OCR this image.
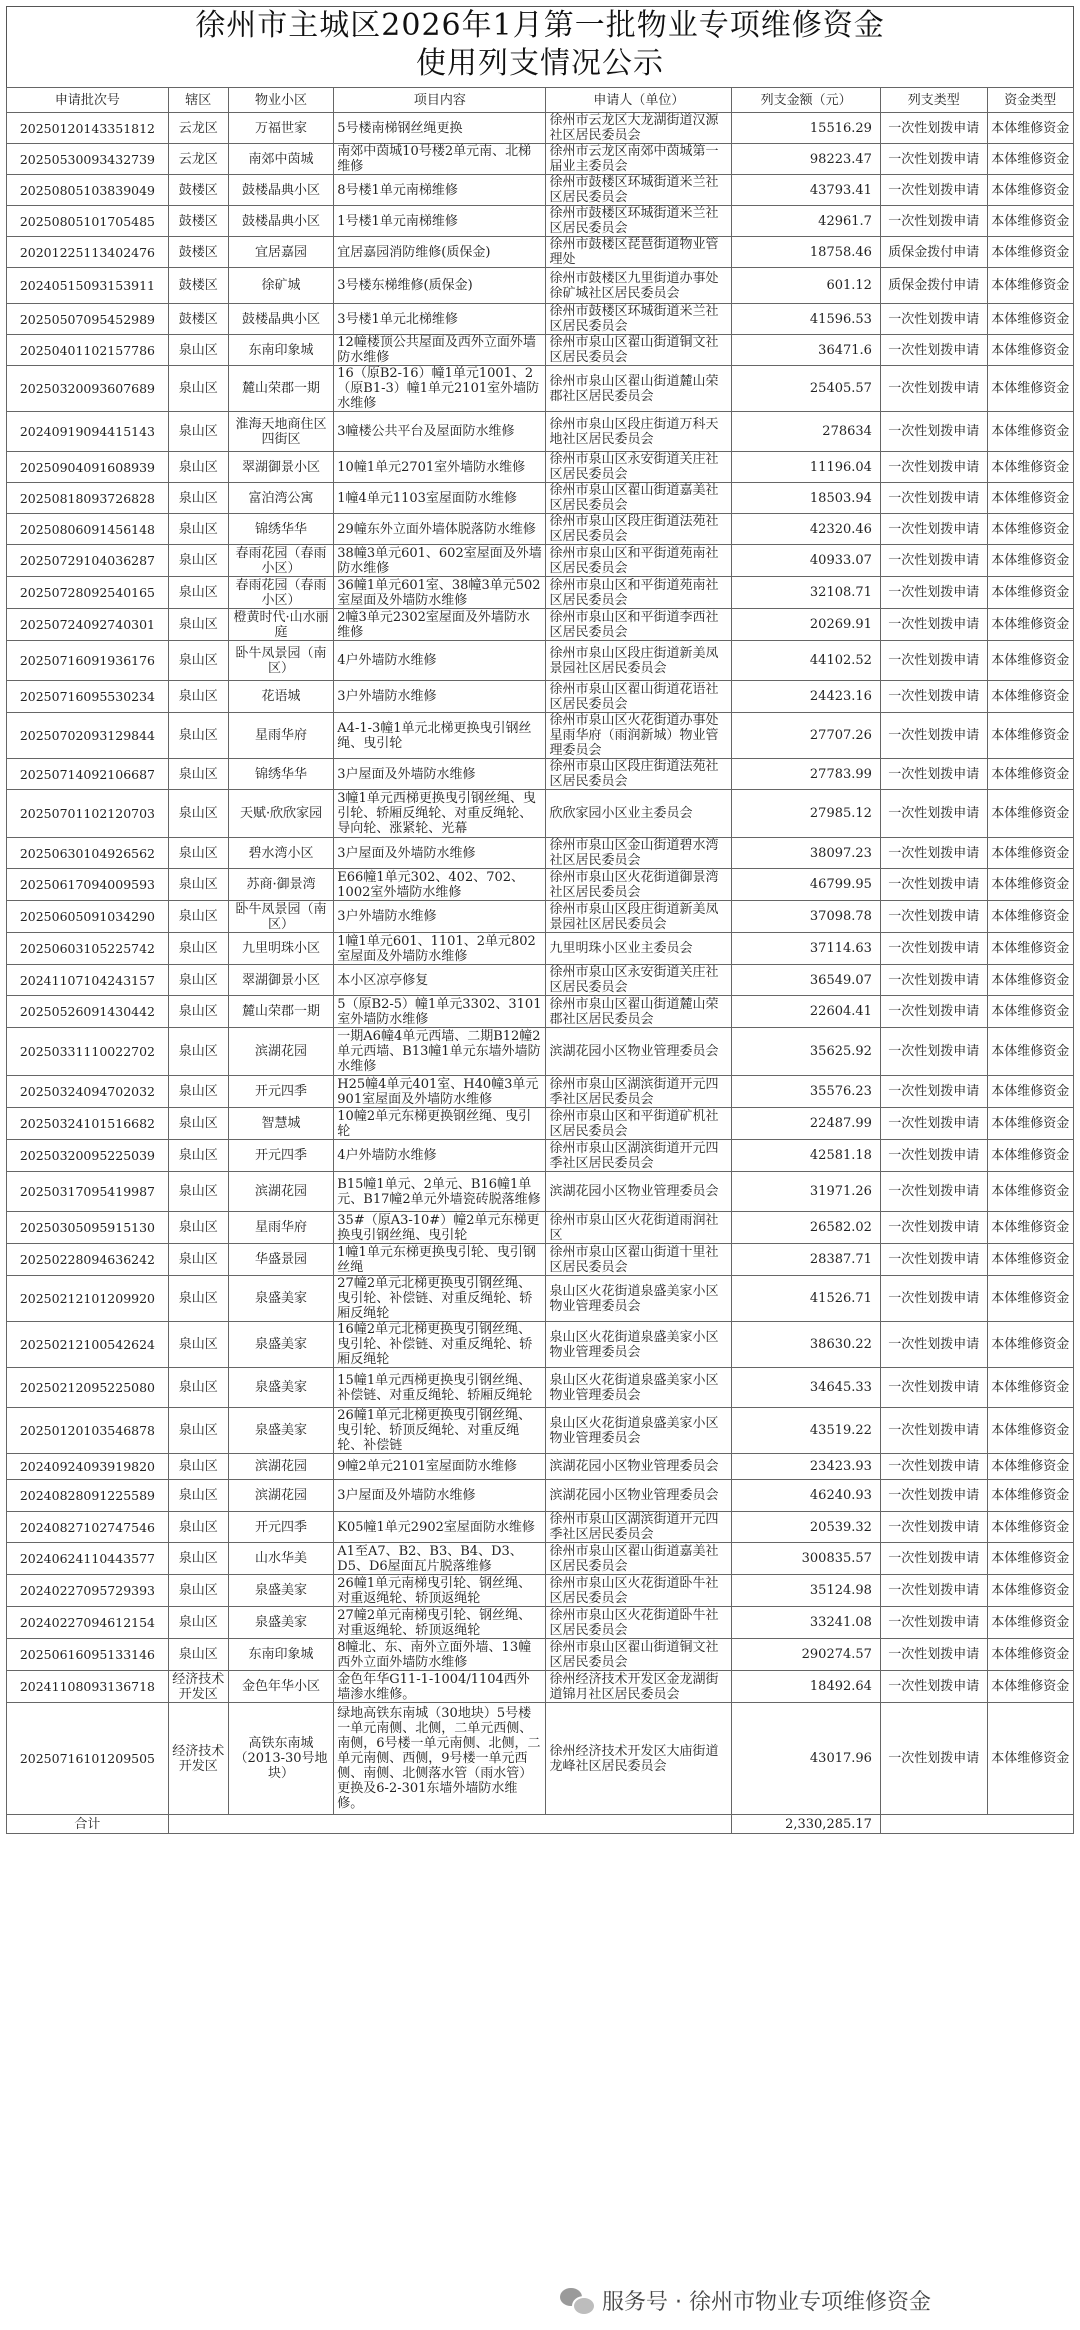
徐州市主城区2026年1月第一批物业专项维修资金
使用列支情况公示
申请批次号	辖区	物业小区	项目内容	申请人（单位）	列支金额（元）	列支类型	资金类型
20250120143351812	云龙区	万福世家	5号楼南梯钢丝绳更换	徐州市云龙区大龙湖街道汉源社区居民委员会	15516.29	一次性划拨申请	本体维修资金
20250530093432739	云龙区	南郊中茵城	南郊中茵城10号楼2单元南、北梯维修	徐州市云龙区南郊中茵城第一届业主委员会	98223.47	一次性划拨申请	本体维修资金
20250805103839049	鼓楼区	鼓楼晶典小区	8号楼1单元南梯维修	徐州市鼓楼区环城街道米兰社区居民委员会	43793.41	一次性划拨申请	本体维修资金
20250805101705485	鼓楼区	鼓楼晶典小区	1号楼1单元南梯维修	徐州市鼓楼区环城街道米兰社区居民委员会	42961.7	一次性划拨申请	本体维修资金
20201225113402476	鼓楼区	宜居嘉园	宜居嘉园消防维修(质保金)	徐州市鼓楼区琵琶街道物业管理处	18758.46	质保金拨付申请	本体维修资金
20240515093153911	鼓楼区	徐矿城	3号楼东梯维修(质保金)	徐州市鼓楼区九里街道办事处徐矿城社区居民委员会	601.12	质保金拨付申请	本体维修资金
20250507095452989	鼓楼区	鼓楼晶典小区	3号楼1单元北梯维修	徐州市鼓楼区环城街道米兰社区居民委员会	41596.53	一次性划拨申请	本体维修资金
20250401102157786	泉山区	东南印象城	12幢楼顶公共屋面及西外立面外墙防水维修	徐州市泉山区翟山街道铜文社区居民委员会	36471.6	一次性划拨申请	本体维修资金
20250320093607689	泉山区	麓山荣郡一期	16（原B2-16）幢1单元1001、2（原B1-3）幢1单元2101室外墙防水维修	徐州市泉山区翟山街道麓山荣郡社区居民委员会	25405.57	一次性划拨申请	本体维修资金
20240919094415143	泉山区	淮海天地商住区四街区	3幢楼公共平台及屋面防水维修	徐州市泉山区段庄街道万科天地社区居民委员会	278634	一次性划拨申请	本体维修资金
20250904091608939	泉山区	翠湖御景小区	10幢1单元2701室外墙防水维修	徐州市泉山区永安街道关庄社区居民委员会	11196.04	一次性划拨申请	本体维修资金
20250818093726828	泉山区	富泊湾公寓	1幢4单元1103室屋面防水维修	徐州市泉山区翟山街道嘉美社区居民委员会	18503.94	一次性划拨申请	本体维修资金
20250806091456148	泉山区	锦绣华华	29幢东外立面外墙体脱落防水维修	徐州市泉山区段庄街道法苑社区居民委员会	42320.46	一次性划拨申请	本体维修资金
20250729104036287	泉山区	春雨花园（春雨小区）	38幢3单元601、602室屋面及外墙防水维修	徐州市泉山区和平街道苑南社区居民委员会	40933.07	一次性划拨申请	本体维修资金
20250728092540165	泉山区	春雨花园（春雨小区）	36幢1单元601室、38幢3单元502室屋面及外墙防水维修	徐州市泉山区和平街道苑南社区居民委员会	32108.71	一次性划拨申请	本体维修资金
20250724092740301	泉山区	橙黄时代·山水丽庭	2幢3单元2302室屋面及外墙防水维修	徐州市泉山区和平街道李西社区居民委员会	20269.91	一次性划拨申请	本体维修资金
20250716091936176	泉山区	卧牛凤景园（南区）	4户外墙防水维修	徐州市泉山区段庄街道新美凤景园社区居民委员会	44102.52	一次性划拨申请	本体维修资金
20250716095530234	泉山区	花语城	3户外墙防水维修	徐州市泉山区翟山街道花语社区居民委员会	24423.16	一次性划拨申请	本体维修资金
20250702093129844	泉山区	星雨华府	A4-1-3幢1单元北梯更换曳引钢丝绳、曳引轮	徐州市泉山区火花街道办事处星雨华府（雨润新城）物业管理委员会	27707.26	一次性划拨申请	本体维修资金
20250714092106687	泉山区	锦绣华华	3户屋面及外墙防水维修	徐州市泉山区段庄街道法苑社区居民委员会	27783.99	一次性划拨申请	本体维修资金
20250701102120703	泉山区	天赋·欣欣家园	3幢1单元西梯更换曳引钢丝绳、曳引轮、轿厢反绳轮、对重反绳轮、导向轮、涨紧轮、光幕	欣欣家园小区业主委员会	27985.12	一次性划拨申请	本体维修资金
20250630104926562	泉山区	碧水湾小区	3户屋面及外墙防水维修	徐州市泉山区金山街道碧水湾社区居民委员会	38097.23	一次性划拨申请	本体维修资金
20250617094009593	泉山区	苏商·御景湾	E66幢1单元302、402、702、1002室外墙防水维修	徐州市泉山区火花街道御景湾社区居民委员会	46799.95	一次性划拨申请	本体维修资金
20250605091034290	泉山区	卧牛凤景园（南区）	3户外墙防水维修	徐州市泉山区段庄街道新美凤景园社区居民委员会	37098.78	一次性划拨申请	本体维修资金
20250603105225742	泉山区	九里明珠小区	1幢1单元601、1101、2单元802室屋面及外墙防水维修	九里明珠小区业主委员会	37114.63	一次性划拨申请	本体维修资金
20241107104243157	泉山区	翠湖御景小区	本小区凉亭修复	徐州市泉山区永安街道关庄社区居民委员会	36549.07	一次性划拨申请	本体维修资金
20250526091430442	泉山区	麓山荣郡一期	5（原B2-5）幢1单元3302、3101室外墙防水维修	徐州市泉山区翟山街道麓山荣郡社区居民委员会	22604.41	一次性划拨申请	本体维修资金
20250331110022702	泉山区	滨湖花园	一期A6幢4单元西墙、二期B12幢2单元西墙、B13幢1单元东墙外墙防水维修	滨湖花园小区物业管理委员会	35625.92	一次性划拨申请	本体维修资金
20250324094702032	泉山区	开元四季	H25幢4单元401室、H40幢3单元901室屋面及外墙防水维修	徐州市泉山区湖滨街道开元四季社区居民委员会	35576.23	一次性划拨申请	本体维修资金
20250324101516682	泉山区	智慧城	10幢2单元东梯更换钢丝绳、曳引轮	徐州市泉山区和平街道矿机社区居民委员会	22487.99	一次性划拨申请	本体维修资金
20250320095225039	泉山区	开元四季	4户外墙防水维修	徐州市泉山区湖滨街道开元四季社区居民委员会	42581.18	一次性划拨申请	本体维修资金
20250317095419987	泉山区	滨湖花园	B15幢1单元、2单元、B16幢1单元、B17幢2单元外墙瓷砖脱落维修	滨湖花园小区物业管理委员会	31971.26	一次性划拨申请	本体维修资金
20250305095915130	泉山区	星雨华府	35#（原A3-10#）幢2单元东梯更换曳引钢丝绳、曳引轮	徐州市泉山区火花街道雨润社区	26582.02	一次性划拨申请	本体维修资金
20250228094636242	泉山区	华盛景园	1幢1单元东梯更换曳引轮、曳引钢丝绳	徐州市泉山区翟山街道十里社区居民委员会	28387.71	一次性划拨申请	本体维修资金
20250212101209920	泉山区	泉盛美家	27幢2单元北梯更换曳引钢丝绳、曳引轮、补偿链、对重反绳轮、轿厢反绳轮	泉山区火花街道泉盛美家小区物业管理委员会	41526.71	一次性划拨申请	本体维修资金
20250212100542624	泉山区	泉盛美家	16幢2单元北梯更换曳引钢丝绳、曳引轮、补偿链、对重反绳轮、轿厢反绳轮	泉山区火花街道泉盛美家小区物业管理委员会	38630.22	一次性划拨申请	本体维修资金
20250212095225080	泉山区	泉盛美家	15幢1单元西梯更换曳引钢丝绳、补偿链、对重反绳轮、轿厢反绳轮	泉山区火花街道泉盛美家小区物业管理委员会	34645.33	一次性划拨申请	本体维修资金
20250120103546878	泉山区	泉盛美家	26幢1单元北梯更换曳引钢丝绳、曳引轮、轿顶反绳轮、对重反绳轮、补偿链	泉山区火花街道泉盛美家小区物业管理委员会	43519.22	一次性划拨申请	本体维修资金
20240924093919820	泉山区	滨湖花园	9幢2单元2101室屋面防水维修	滨湖花园小区物业管理委员会	23423.93	一次性划拨申请	本体维修资金
20240828091225589	泉山区	滨湖花园	3户屋面及外墙防水维修	滨湖花园小区物业管理委员会	46240.93	一次性划拨申请	本体维修资金
20240827102747546	泉山区	开元四季	K05幢1单元2902室屋面防水维修	徐州市泉山区湖滨街道开元四季社区居民委员会	20539.32	一次性划拨申请	本体维修资金
20240624110443577	泉山区	山水华美	A1至A7、B2、B3、B4、D3、D5、D6屋面瓦片脱落维修	徐州市泉山区翟山街道嘉美社区居民委员会	300835.57	一次性划拨申请	本体维修资金
20240227095729393	泉山区	泉盛美家	26幢1单元南梯曳引轮、钢丝绳、对重返绳轮、轿顶返绳轮	徐州市泉山区火花街道卧牛社区居民委员会	35124.98	一次性划拨申请	本体维修资金
20240227094612154	泉山区	泉盛美家	27幢2单元南梯曳引轮、钢丝绳、对重返绳轮、轿顶返绳轮	徐州市泉山区火花街道卧牛社区居民委员会	33241.08	一次性划拨申请	本体维修资金
20250616095133146	泉山区	东南印象城	8幢北、东、南外立面外墙、13幢西外立面外墙防水维修	徐州市泉山区翟山街道铜文社区居民委员会	290274.57	一次性划拨申请	本体维修资金
20241108093136718	经济技术开发区	金色年华小区	金色年华G11-1-1004/1104西外墙渗水维修。	徐州经济技术开发区金龙湖街道锦月社区居民委员会	18492.64	一次性划拨申请	本体维修资金
20250716101209505	经济技术开发区	高铁东南城（2013-30号地块）	绿地高铁东南城（30地块）5号楼一单元南侧、北侧，二单元西侧、南侧，6号楼一单元南侧、北侧，二单元南侧、西侧，9号楼一单元西侧、南侧、北侧落水管（雨水管）更换及6-2-301东墙外墙防水维修。	徐州经济技术开发区大庙街道龙峰社区居民委员会	43017.96	一次性划拨申请	本体维修资金
合计					2,330,285.17		
服务号 · 徐州市物业专项维修资金
